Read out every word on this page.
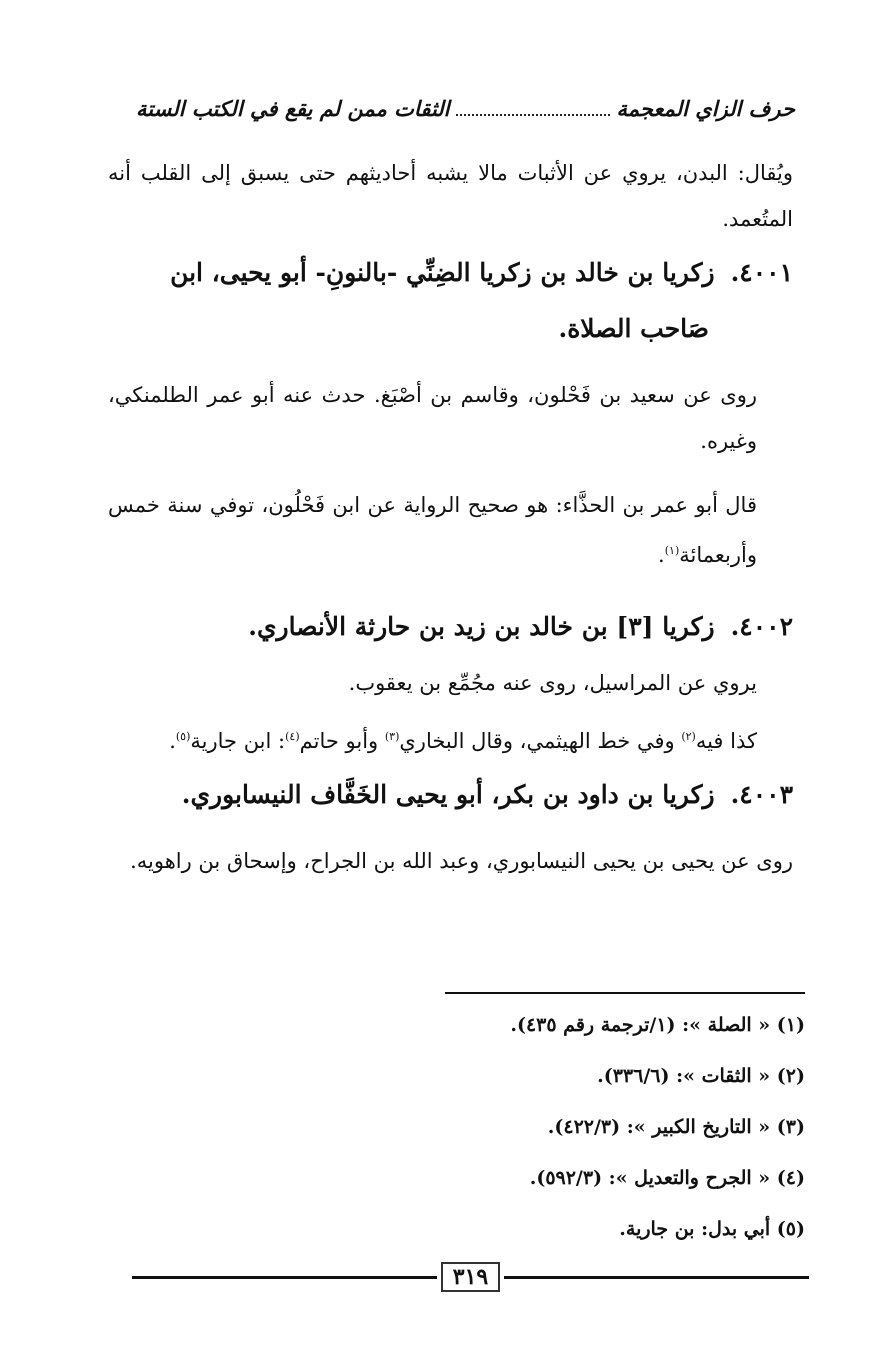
حرف الزاي المعجمة
الثقات ممن لم يقع في الكتب الستة

ويُقال: البدن، يروي عن الأثبات مالا يشبه أحاديثهم حتى يسبق إلى القلب أنه المتُعمد.

٤٠٠١.زكريا بن خالد بن زكريا الضِنِّي -بالنونِ- أبو يحيى، ابن
صَاحب الصلاة.

روى عن سعيد بن فَحْلون، وقاسم بن أصْبَغ. حدث عنه أبو عمر الطلمنكي، وغيره.

قال أبو عمر بن الحذَّاء: هو صحيح الرواية عن ابن فَحْلُون، توفي سنة خمس وأربعمائة$^{(١)}$.

٤٠٠٢.زكريا [٣] بن خالد بن زيد بن حارثة الأنصاري.

يروي عن المراسيل، روى عنه مجُمِّع بن يعقوب.

كذا فيه$^{(٢)}$ وفي خط الهيثمي، وقال البخاري$^{(٣)}$ وأبو حاتم$^{(٤)}$: ابن جارية$^{(٥)}$.

٤٠٠٣.زكريا بن داود بن بكر، أبو يحيى الخَفَّاف النيسابوري.

روى عن يحيى بن يحيى النيسابوري، وعبد الله بن الجراح، وإسحاق بن راهويه.

(١) « الصلة »: (١/ترجمة رقم ٤٣٥).
(٢) « الثقات »: (٣٣٦/٦).
(٣) « التاريخ الكبير »: (٤٢٢/٣).
(٤) « الجرح والتعديل »: (٥٩٢/٣).
(٥) أبي بدل: بن جارية.
٣١٩
